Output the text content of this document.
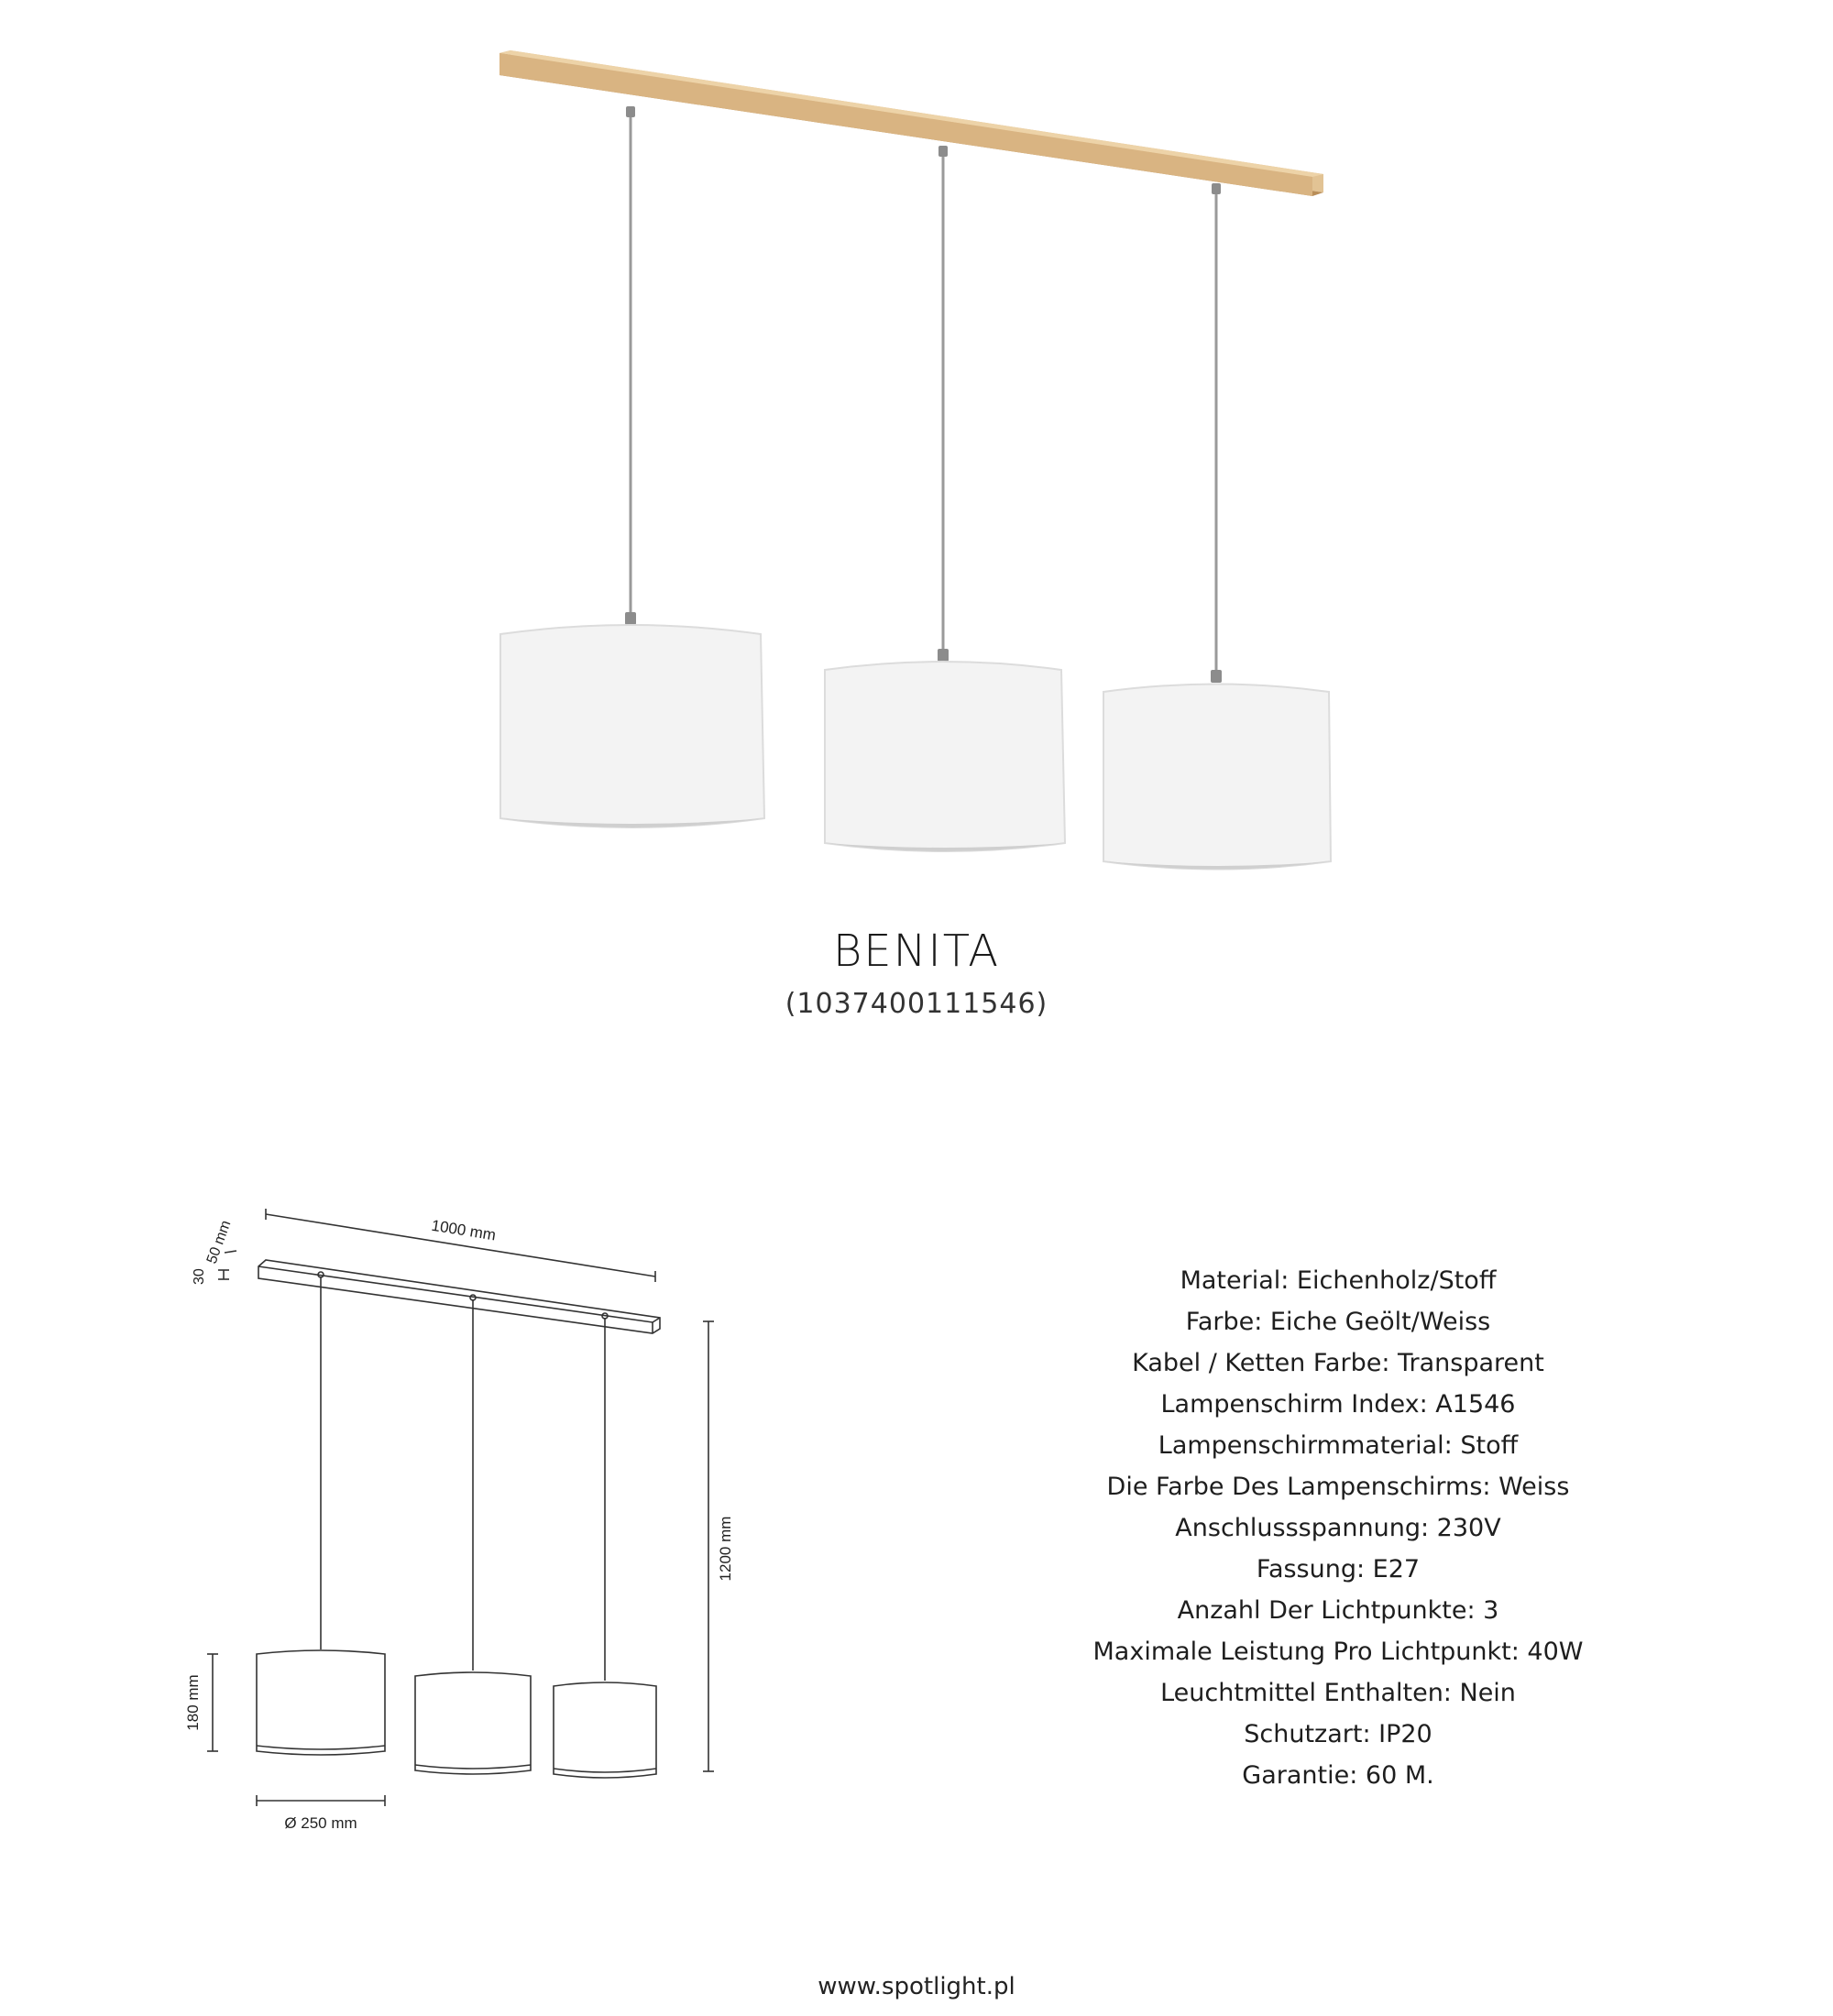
BENITA
(1037400111546)
1000 mm
50 mm
30
1200 mm
180 mm
Ø 250 mm
Material: Eichenholz/Stoff
Farbe: Eiche Geölt/Weiss
Kabel / Ketten Farbe: Transparent
Lampenschirm Index: A1546
Lampenschirmmaterial: Stoff
Die Farbe Des Lampenschirms: Weiss
Anschlussspannung: 230V
Fassung: E27
Anzahl Der Lichtpunkte: 3
Maximale Leistung Pro Lichtpunkt: 40W
Leuchtmittel Enthalten: Nein
Schutzart: IP20
Garantie: 60 M.
www.spotlight.pl
